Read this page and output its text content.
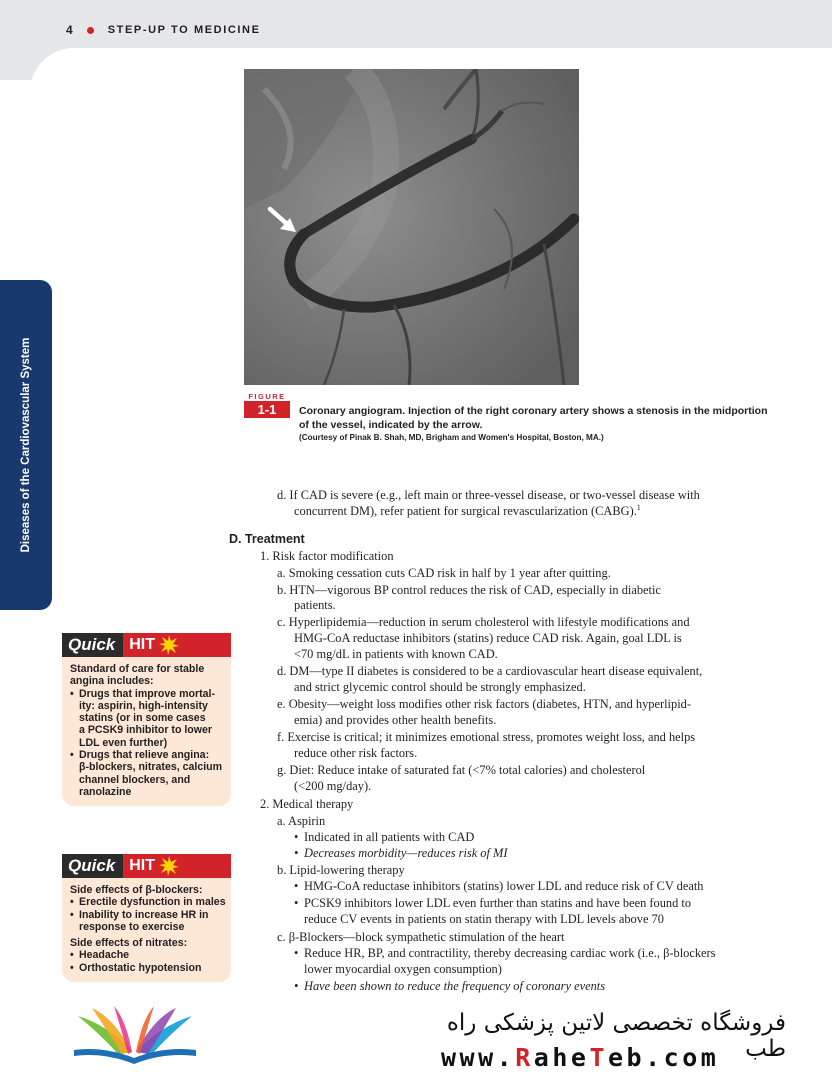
4	STEP-UP TO MEDICINE
Diseases of the Cardiovascular System	FIGURE
1-1	Coronary angiogram. Injection of the right coronary artery shows a stenosis in the midportion of the vessel, indicated by the arrow.
(Courtesy of Pinak B. Shah, MD, Brigham and Women's Hospital, Boston, MA.)
Quick HIT
Standard of care for stable
angina includes:
• Drugs that improve mortal-
ity: aspirin, high-intensity
statins (or in some cases
a PCSK9 inhibitor to lower
LDL even further)
• Drugs that relieve angina:
β-blockers, nitrates, calcium
channel blockers, and
ranolazine
Quick HIT
Side effects of β-blockers:
• Erectile dysfunction in males
• Inability to increase HR in
response to exercise
Side effects of nitrates:
• Headache
• Orthostatic hypotension
d. If CAD is severe (e.g., left main or three-vessel disease, or two-vessel disease with
concurrent DM), refer patient for surgical revascularization (CABG).$^1$
D. Treatment
1. Risk factor modification
a. Smoking cessation cuts CAD risk in half by 1 year after quitting.
b. HTN—vigorous BP control reduces the risk of CAD, especially in diabetic
patients.
c. Hyperlipidemia—reduction in serum cholesterol with lifestyle modifications and
HMG-CoA reductase inhibitors (statins) reduce CAD risk. Again, goal LDL is
<70 mg/dL in patients with known CAD.
d. DM—type II diabetes is considered to be a cardiovascular heart disease equivalent,
and strict glycemic control should be strongly emphasized.
e. Obesity—weight loss modifies other risk factors (diabetes, HTN, and hyperlipid-
emia) and provides other health benefits.
f. Exercise is critical; it minimizes emotional stress, promotes weight loss, and helps
reduce other risk factors.
g. Diet: Reduce intake of saturated fat (<7% total calories) and cholesterol
(<200 mg/day).
2. Medical therapy
a. Aspirin
• Indicated in all patients with CAD
• Decreases morbidity—reduces risk of MI
b. Lipid-lowering therapy
• HMG-CoA reductase inhibitors (statins) lower LDL and reduce risk of CV death
• PCSK9 inhibitors lower LDL even further than statins and have been found to
reduce CV events in patients on statin therapy with LDL levels above 70
c. β-Blockers—block sympathetic stimulation of the heart
• Reduce HR, BP, and contractility, thereby decreasing cardiac work (i.e., β-blockers
lower myocardial oxygen consumption)
• Have been shown to reduce the frequency of coronary events
فروشگاه تخصصی لاتین پزشکی راه طب
www.RaheTeb.com
